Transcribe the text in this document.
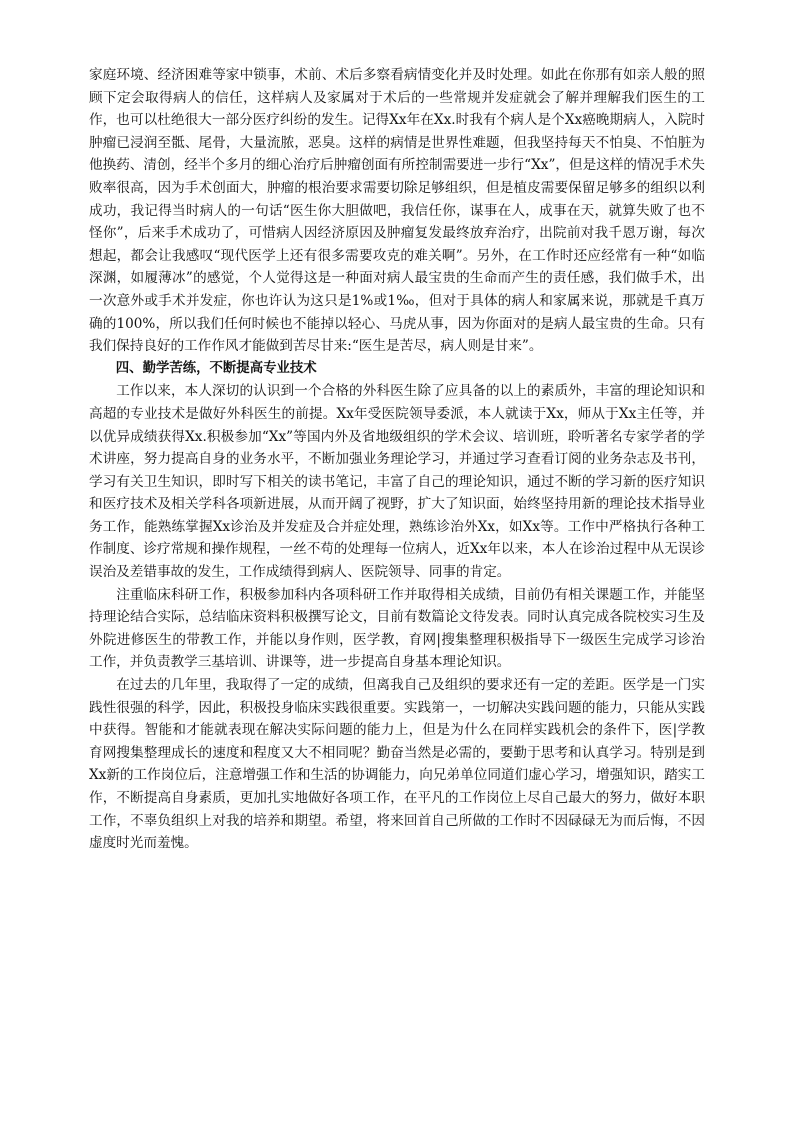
家庭环境、经济困难等家中锁事，术前、术后多察看病情变化并及时处理。如此在你那有如亲人般的照顾下定会取得病人的信任，这样病人及家属对于术后的一些常规并发症就会了解并理解我们医生的工作，也可以杜绝很大一部分医疗纠纷的发生。记得Xx年在Xx.时我有个病人是个Xx癌晚期病人，入院时肿瘤已浸润至骶、尾骨，大量流脓，恶臭。这样的病情是世界性难题，但我坚持每天不怕臭、不怕脏为他换药、清创，经半个多月的细心治疗后肿瘤创面有所控制需要进一步行“Xx”，但是这样的情况手术失败率很高，因为手术创面大，肿瘤的根治要求需要切除足够组织，但是植皮需要保留足够多的组织以利成功，我记得当时病人的一句话“医生你大胆做吧，我信任你，谋事在人，成事在天，就算失败了也不怪你”，后来手术成功了，可惜病人因经济原因及肿瘤复发最终放弃治疗，出院前对我千恩万谢，每次想起，都会让我感叹“现代医学上还有很多需要攻克的难关啊”。另外，在工作时还应经常有一种“如临深渊，如履薄冰”的感觉，个人觉得这是一种面对病人最宝贵的生命而产生的责任感，我们做手术，出一次意外或手术并发症，你也许认为这只是1%或1‰，但对于具体的病人和家属来说，那就是千真万确的100%，所以我们任何时候也不能掉以轻心、马虎从事，因为你面对的是病人最宝贵的生命。只有我们保持良好的工作作风才能做到苦尽甘来:“医生是苦尽，病人则是甘来”。

四、勤学苦练，不断提高专业技术

工作以来，本人深切的认识到一个合格的外科医生除了应具备的以上的素质外，丰富的理论知识和高超的专业技术是做好外科医生的前提。Xx年受医院领导委派，本人就读于Xx，师从于Xx主任等，并以优异成绩获得Xx.积极参加“Xx”等国内外及省地级组织的学术会议、培训班，聆听著名专家学者的学术讲座，努力提高自身的业务水平，不断加强业务理论学习，并通过学习查看订阅的业务杂志及书刊，学习有关卫生知识，即时写下相关的读书笔记，丰富了自己的理论知识，通过不断的学习新的医疗知识和医疗技术及相关学科各项新进展，从而开阔了视野，扩大了知识面，始终坚持用新的理论技术指导业务工作，能熟练掌握Xx诊治及并发症及合并症处理，熟练诊治外Xx，如Xx等。工作中严格执行各种工作制度、诊疗常规和操作规程，一丝不苟的处理每一位病人，近Xx年以来，本人在诊治过程中从无误诊误治及差错事故的发生，工作成绩得到病人、医院领导、同事的肯定。

注重临床科研工作，积极参加科内各项科研工作并取得相关成绩，目前仍有相关课题工作，并能坚持理论结合实际，总结临床资料积极撰写论文，目前有数篇论文待发表。同时认真完成各院校实习生及外院进修医生的带教工作，并能以身作则，医学教，育网|搜集整理积极指导下一级医生完成学习诊治工作，并负责教学三基培训、讲课等，进一步提高自身基本理论知识。

在过去的几年里，我取得了一定的成绩，但离我自己及组织的要求还有一定的差距。医学是一门实践性很强的科学，因此，积极投身临床实践很重要。实践第一，一切解决实践问题的能力，只能从实践中获得。智能和才能就表现在解决实际问题的能力上，但是为什么在同样实践机会的条件下，医|学教育网搜集整理成长的速度和程度又大不相同呢？勤奋当然是必需的，要勤于思考和认真学习。特别是到Xx新的工作岗位后，注意增强工作和生活的协调能力，向兄弟单位同道们虚心学习，增强知识，踏实工作，不断提高自身素质，更加扎实地做好各项工作，在平凡的工作岗位上尽自己最大的努力，做好本职工作，不辜负组织上对我的培养和期望。希望，将来回首自己所做的工作时不因碌碌无为而后悔，不因虚度时光而羞愧。
